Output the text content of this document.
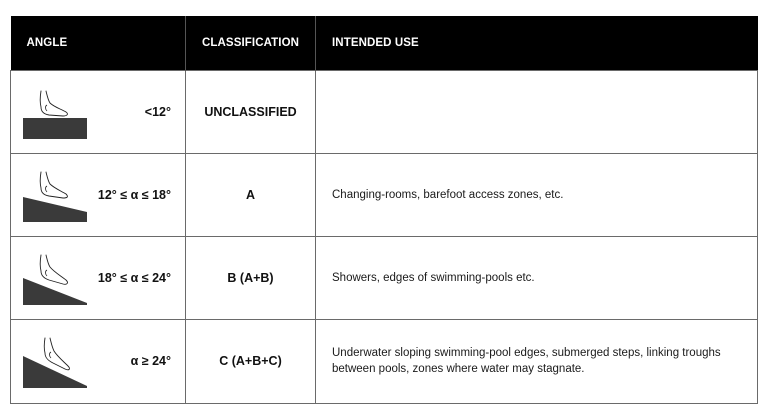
ANGLE	CLASSIFICATION	INTENDED USE

<12°	UNCLASSIFIED	

12° ≤ α ≤ 18°	A	Changing-rooms, barefoot access zones, etc.

18° ≤ α ≤ 24°	B (A+B)	Showers, edges of swimming-pools etc.

α ≥ 24°	C (A+B+C)	Underwater sloping swimming-pool edges, submerged steps, linking troughs between pools, zones where water may stagnate.
